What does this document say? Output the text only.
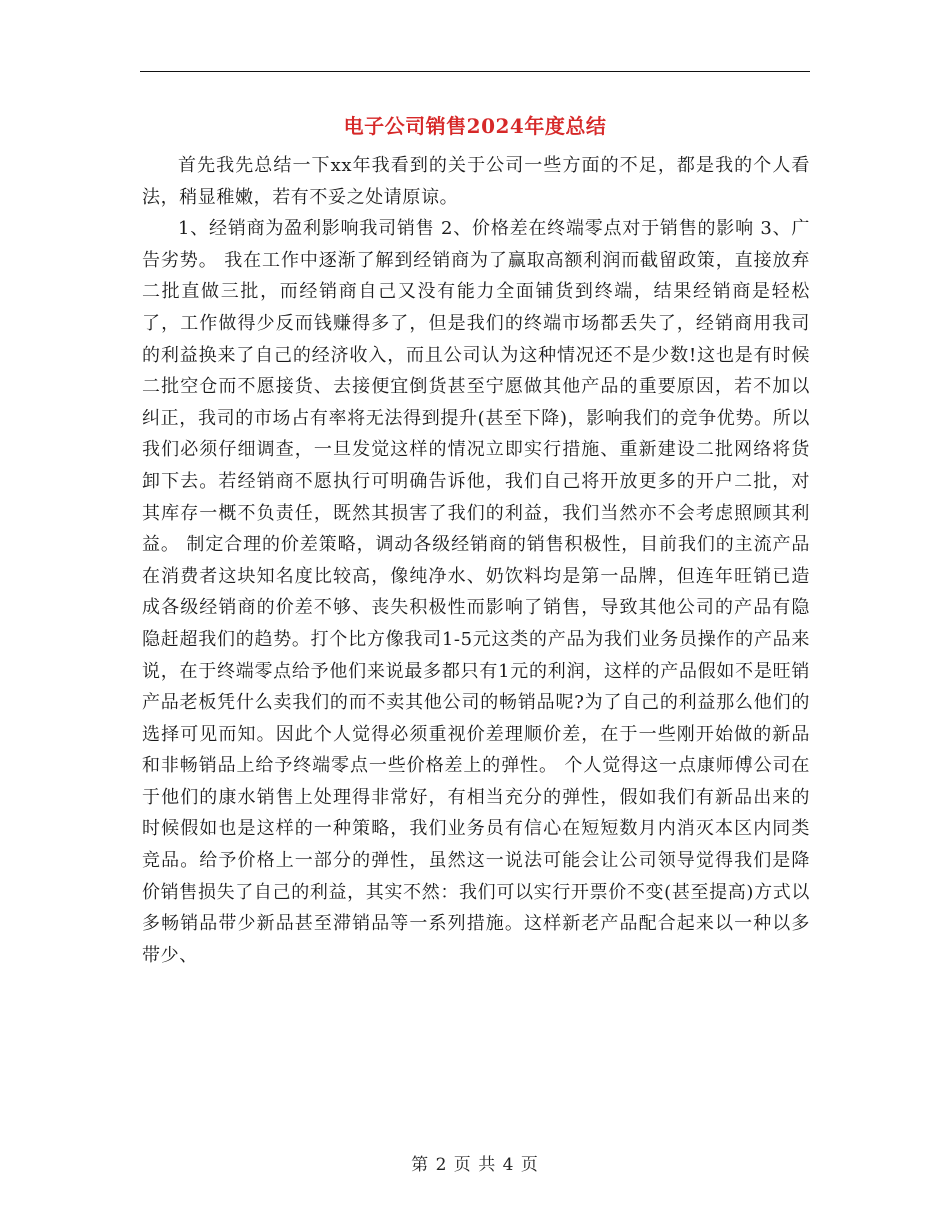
电子公司销售2024年度总结

首先我先总结一下xx年我看到的关于公司一些方面的不足，都是我的个人看法，稍显稚嫩，若有不妥之处请原谅。

1、经销商为盈利影响我司销售 2、价格差在终端零点对于销售的影响 3、广告劣势。 我在工作中逐渐了解到经销商为了赢取高额利润而截留政策，直接放弃二批直做三批，而经销商自己又没有能力全面铺货到终端，结果经销商是轻松了，工作做得少反而钱赚得多了，但是我们的终端市场都丢失了，经销商用我司的利益换来了自己的经济收入，而且公司认为这种情况还不是少数!这也是有时候二批空仓而不愿接货、去接便宜倒货甚至宁愿做其他产品的重要原因，若不加以纠正，我司的市场占有率将无法得到提升(甚至下降)，影响我们的竞争优势。所以我们必须仔细调查，一旦发觉这样的情况立即实行措施、重新建设二批网络将货卸下去。若经销商不愿执行可明确告诉他，我们自己将开放更多的开户二批，对其库存一概不负责任，既然其损害了我们的利益，我们当然亦不会考虑照顾其利益。 制定合理的价差策略，调动各级经销商的销售积极性，目前我们的主流产品在消费者这块知名度比较高，像纯净水、奶饮料均是第一品牌，但连年旺销已造成各级经销商的价差不够、丧失积极性而影响了销售，导致其他公司的产品有隐隐赶超我们的趋势。打个比方像我司1-5元这类的产品为我们业务员操作的产品来说，在于终端零点给予他们来说最多都只有1元的利润，这样的产品假如不是旺销产品老板凭什么卖我们的而不卖其他公司的畅销品呢?为了自己的利益那么他们的选择可见而知。因此个人觉得必须重视价差理顺价差，在于一些刚开始做的新品和非畅销品上给予终端零点一些价格差上的弹性。 个人觉得这一点康师傅公司在于他们的康水销售上处理得非常好，有相当充分的弹性，假如我们有新品出来的时候假如也是这样的一种策略，我们业务员有信心在短短数月内消灭本区内同类竞品。给予价格上一部分的弹性，虽然这一说法可能会让公司领导觉得我们是降价销售损失了自己的利益，其实不然：我们可以实行开票价不变(甚至提高)方式以多畅销品带少新品甚至滞销品等一系列措施。这样新老产品配合起来以一种以多带少、

第 2 页 共 4 页
